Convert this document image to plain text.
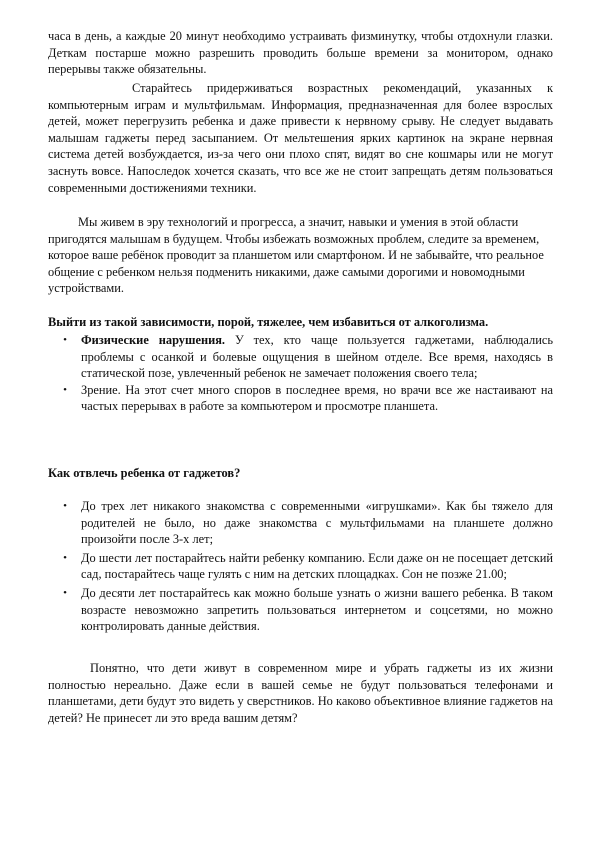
часа в день, а каждые 20 минут необходимо устраивать физминутку, чтобы отдохнули глазки. Деткам постарше можно разрешить проводить больше времени за монитором, однако перерывы также обязательны.

Старайтесь придерживаться возрастных рекомендаций, указанных к компьютерным играм и мультфильмам. Информация, предназначенная для более взрослых детей, может перегрузить ребенка и даже привести к нервному срыву. Не следует выдавать малышам гаджеты перед засыпанием. От мельтешения ярких картинок на экране нервная система детей возбуждается, из-за чего они плохо спят, видят во сне кошмары или не могут заснуть вовсе. Напоследок хочется сказать, что все же не стоит запрещать детям пользоваться современными достижениями техники.

Мы живем в эру технологий и прогресса, а значит, навыки и умения в этой области пригодятся малышам в будущем. Чтобы избежать возможных проблем, следите за временем, которое ваше ребёнок проводит за планшетом или смартфоном. И не забывайте, что реальное общение с ребенком нельзя подменить никакими, даже самыми дорогими и новомодными устройствами.

Выйти из такой зависимости, порой, тяжелее, чем избавиться от алкоголизма.

• Физические нарушения. У тех, кто чаще пользуется гаджетами, наблюдались проблемы с осанкой и болевые ощущения в шейном отделе. Все время, находясь в статической позе, увлеченный ребенок не замечает положения своего тела;
• Зрение. На этот счет много споров в последнее время, но врачи все же настаивают на частых перерывах в работе за компьютером и просмотре планшета.

Как отвлечь ребенка от гаджетов?

• До трех лет никакого знакомства с современными «игрушками». Как бы тяжело для родителей не было, но даже знакомства с мультфильмами на планшете должно произойти после 3-х лет;
• До шести лет постарайтесь найти ребенку компанию. Если даже он не посещает детский сад, постарайтесь чаще гулять с ним на детских площадках. Сон не позже 21.00;
• До десяти лет постарайтесь как можно больше узнать о жизни вашего ребенка. В таком возрасте невозможно запретить пользоваться интернетом и соцсетями, но можно контролировать данные действия.

Понятно, что дети живут в современном мире и убрать гаджеты из их жизни полностью нереально. Даже если в вашей семье не будут пользоваться телефонами и планшетами, дети будут это видеть у сверстников. Но каково объективное влияние гаджетов на детей? Не принесет ли это вреда вашим детям?
